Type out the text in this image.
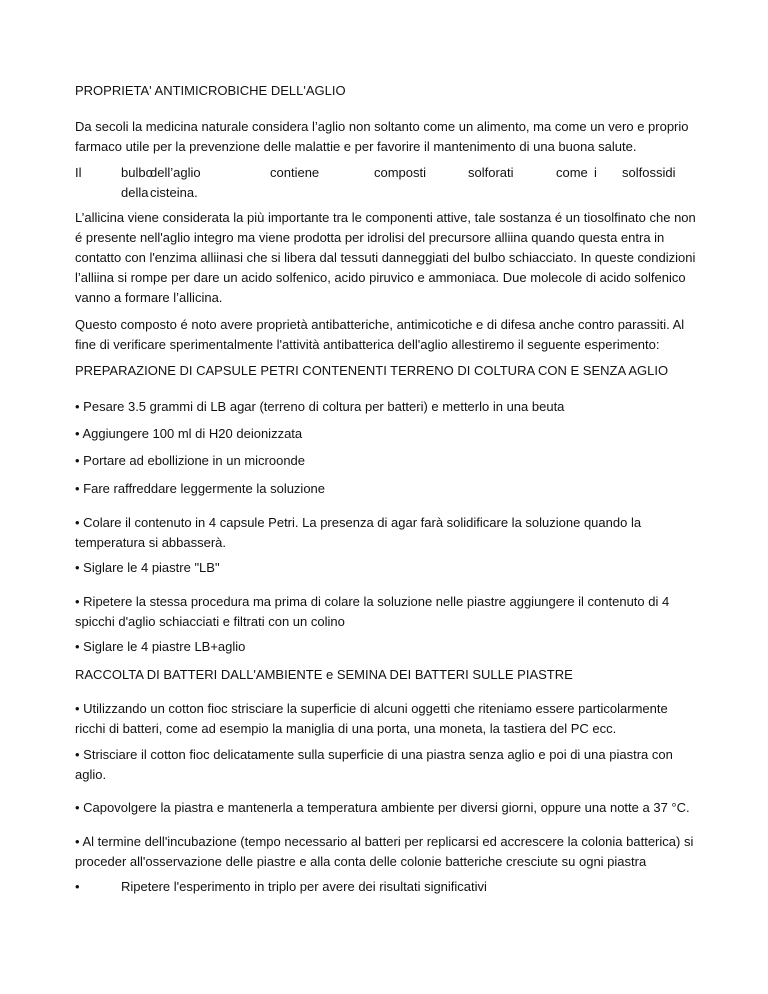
PROPRIETA' ANTIMICROBICHE DELL'AGLIO

Da secoli la medicina naturale considera l’aglio non soltanto come un alimento, ma come un vero e proprio farmaco utile per la prevenzione delle malattie e per favorire il mantenimento di una buona salute.

Il	bulbo
dell’aglio	contiene	composti	solforati	come i	solfossidi
della cisteina.

L’allicina viene considerata la più importante tra le componenti attive, tale sostanza é un tiosolfinato che non é presente nell'aglio integro ma viene prodotta per idrolisi del precursore alliina quando questa entra in contatto con l'enzima alliinasi che si libera dal tessuti danneggiati del bulbo schiacciato. In queste condizioni l’alliina si rompe per dare un acido solfenico, acido piruvico e ammoniaca. Due molecole di acido solfenico vanno a formare l’allicina.

Questo composto é noto avere proprietà antibatteriche, antimicotiche e di difesa anche contro parassiti. Al fine di verificare sperimentalmente l'attività antibatterica dell'aglio allestiremo il seguente esperimento:

PREPARAZIONE DI CAPSULE PETRI CONTENENTI TERRENO DI COLTURA CON E SENZA AGLIO

• Pesare 3.5 grammi di LB agar (terreno di coltura per batteri) e metterlo in una beuta

• Aggiungere 100 ml di H20 deionizzata

• Portare ad ebollizione in un microonde

• Fare raffreddare leggermente la soluzione

• Colare il contenuto in 4 capsule Petri. La presenza di agar farà solidificare la soluzione quando la temperatura si abbasserà.

• Siglare le 4 piastre "LB"

• Ripetere la stessa procedura ma prima di colare la soluzione nelle piastre aggiungere il contenuto di 4 spicchi d'aglio schiacciati e filtrati con un colino

• Siglare le 4 piastre LB+aglio

RACCOLTA DI BATTERI DALL'AMBIENTE e SEMINA DEI BATTERI SULLE PIASTRE

• Utilizzando un cotton fioc strisciare la superficie di alcuni oggetti che riteniamo essere particolarmente ricchi di batteri, come ad esempio la maniglia di una porta, una moneta, la tastiera del PC ecc.

• Strisciare il cotton fioc delicatamente sulla superficie di una piastra senza aglio e poi di una piastra con aglio.

• Capovolgere la piastra e mantenerla a temperatura ambiente per diversi giorni, oppure una notte a 37 °C.

• Al termine dell'incubazione (tempo necessario al batteri per replicarsi ed accrescere la colonia batterica) si proceder all'osservazione delle piastre e alla conta delle colonie batteriche cresciute su ogni piastra

•	Ripetere l'esperimento in triplo per avere dei risultati significativi
